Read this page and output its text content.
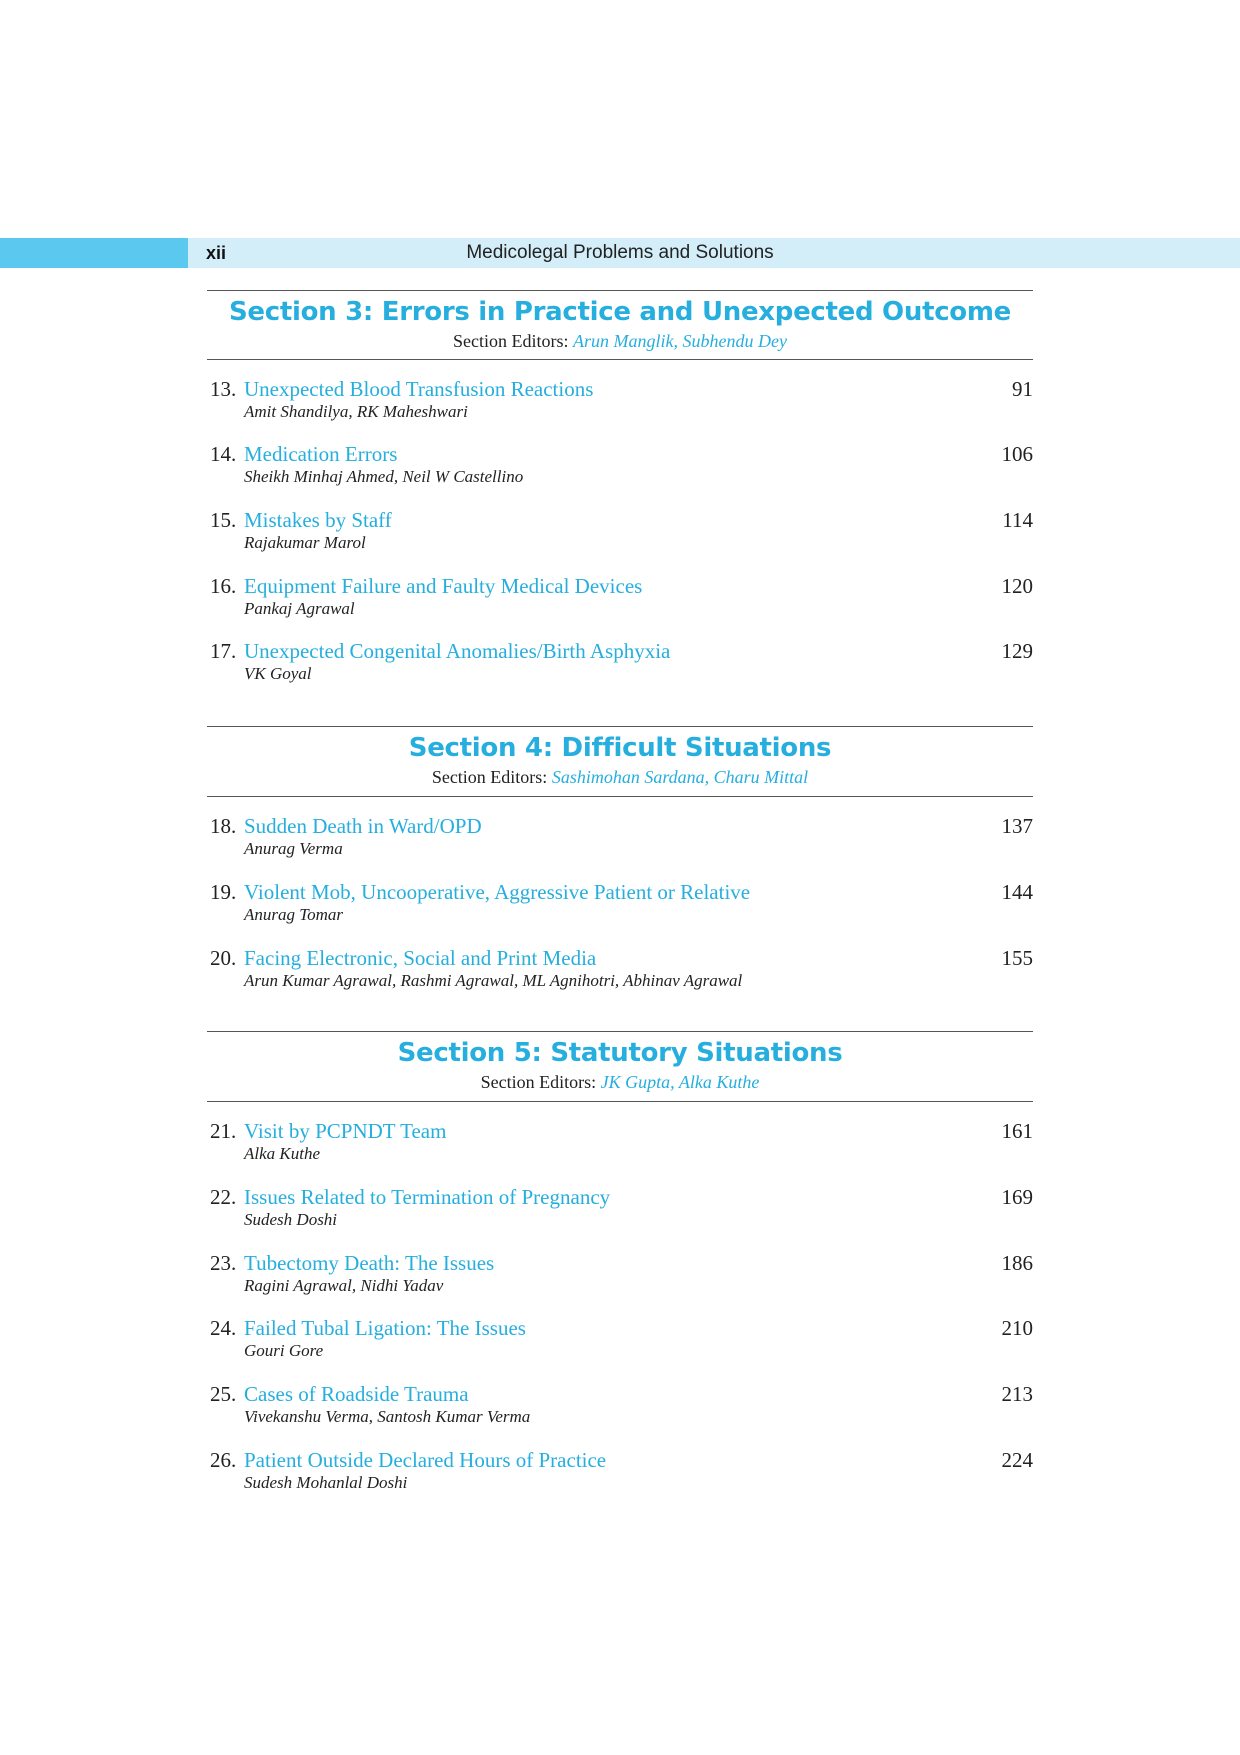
xii	Medicolegal Problems and Solutions
Section 3: Errors in Practice and Unexpected Outcome
Section Editors: Arun Manglik, Subhendu Dey
13. Unexpected Blood Transfusion Reactions
Amit Shandilya, RK Maheshwari
91
14. Medication Errors
Sheikh Minhaj Ahmed, Neil W Castellino
106
15. Mistakes by Staff
Rajakumar Marol
114
16. Equipment Failure and Faulty Medical Devices
Pankaj Agrawal
120
17. Unexpected Congenital Anomalies/Birth Asphyxia
VK Goyal
129
Section 4: Difficult Situations
Section Editors: Sashimohan Sardana, Charu Mittal
18. Sudden Death in Ward/OPD
Anurag Verma
137
19. Violent Mob, Uncooperative, Aggressive Patient or Relative
Anurag Tomar
144
20. Facing Electronic, Social and Print Media
Arun Kumar Agrawal, Rashmi Agrawal, ML Agnihotri, Abhinav Agrawal
155
Section 5: Statutory Situations
Section Editors: JK Gupta, Alka Kuthe
21. Visit by PCPNDT Team
Alka Kuthe
161
22. Issues Related to Termination of Pregnancy
Sudesh Doshi
169
23. Tubectomy Death: The Issues
Ragini Agrawal, Nidhi Yadav
186
24. Failed Tubal Ligation: The Issues
Gouri Gore
210
25. Cases of Roadside Trauma
Vivekanshu Verma, Santosh Kumar Verma
213
26. Patient Outside Declared Hours of Practice
Sudesh Mohanlal Doshi
224
